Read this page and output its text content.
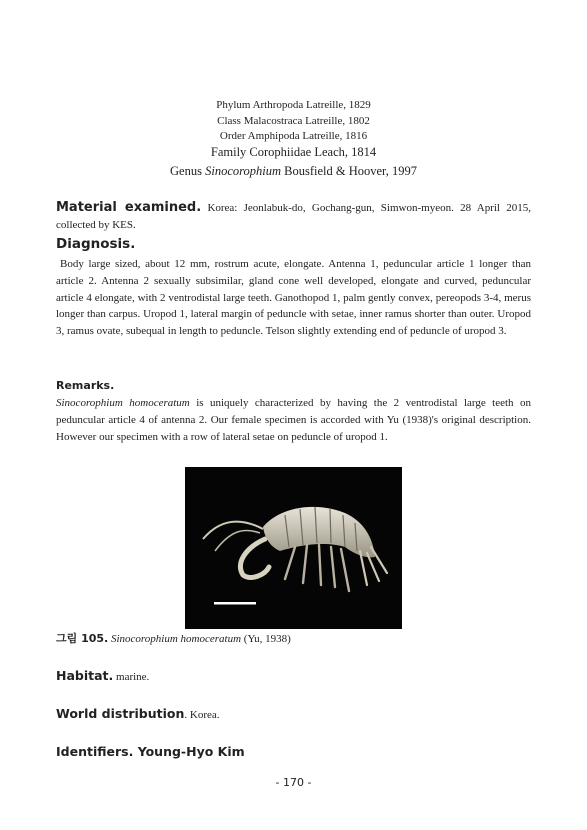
Phylum Arthropoda Latreille, 1829
Class Malacostraca Latreille, 1802
Order Amphipoda Latreille, 1816
Family Corophiidae Leach, 1814
Genus Sinocorophium Bousfield & Hoover, 1997
Material examined. Korea: Jeonlabuk-do, Gochang-gun, Simwon-myeon. 28 April 2015, collected by KES.
Diagnosis.
Body large sized, about 12 mm, rostrum acute, elongate. Antenna 1, peduncular article 1 longer than article 2. Antenna 2 sexually subsimilar, gland cone well developed, elongate and curved, peduncular article 4 elongate, with 2 ventrodistal large teeth. Ganothopod 1, palm gently convex, pereopods 3-4, merus longer than carpus. Uropod 1, lateral margin of peduncle with setae, inner ramus shorter than outer. Uropod 3, ramus ovate, subequal in length to peduncle. Telson slightly extending end of peduncle of uropod 3.
Remarks.
Sinocorophium homoceratum is uniquely characterized by having the 2 ventrodistal large teeth on peduncular article 4 of antenna 2. Our female specimen is accorded with Yu (1938)'s original description. However our specimen with a row of lateral setae on peduncle of uropod 1.
그림 105. Sinocorophium homoceratum (Yu, 1938)
Habitat. marine.
World distribution. Korea.
Identifiers. Young-Hyo Kim
- 170 -
